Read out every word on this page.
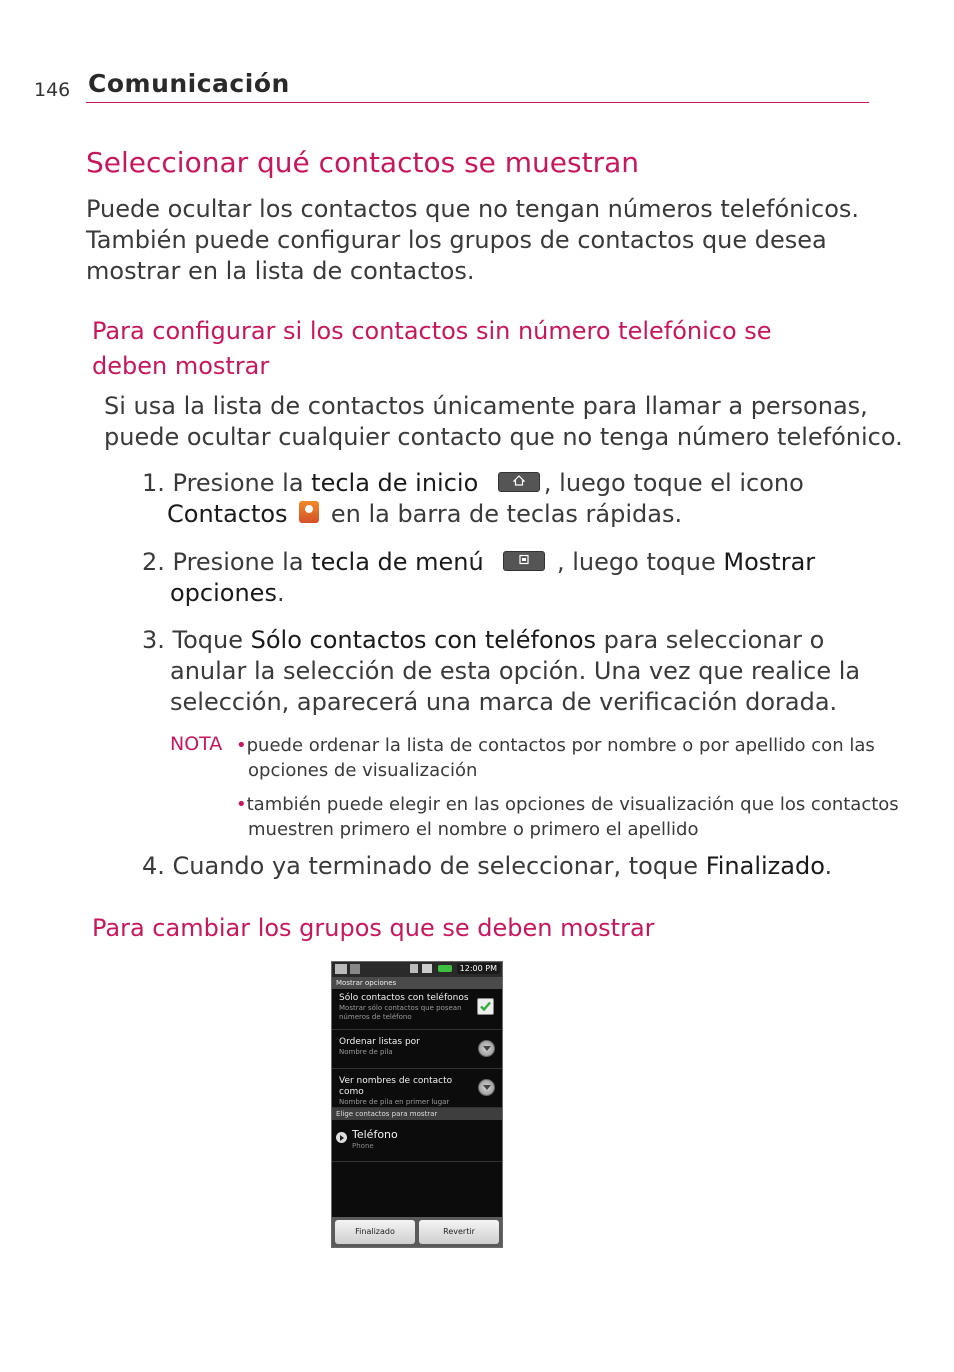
146 Comunicación
Seleccionar qué contactos se muestran
Puede ocultar los contactos que no tengan números telefónicos.
También puede configurar los grupos de contactos que desea
mostrar en la lista de contactos.
Para configurar si los contactos sin número telefónico se
deben mostrar
Si usa la lista de contactos únicamente para llamar a personas,
puede ocultar cualquier contacto que no tenga número telefónico.
1. Presione la tecla de inicio	, luego toque el icono
Contactos  en la barra de teclas rápidas.
2. Presione la tecla de menú	, luego toque Mostrar
opciones.
3. Toque Sólo contactos con teléfonos para seleccionar o
anular la selección de esta opción. Una vez que realice la
selección, aparecerá una marca de verificación dorada.
NOTA •puede ordenar la lista de contactos por nombre o por apellido con las
opciones de visualización
•también puede elegir en las opciones de visualización que los contactos
muestren primero el nombre o primero el apellido
4. Cuando ya terminado de seleccionar, toque Finalizado.
Para cambiar los grupos que se deben mostrar
12:00 PM
Mostrar opciones
Sólo contactos con teléfonos
Mostrar sólo contactos que posean
números de teléfono
Ordenar listas por
Nombre de pila
Ver nombres de contacto como
Nombre de pila en primer lugar
Elige contactos para mostrar
Teléfono
Phone
Finalizado	Revertir
